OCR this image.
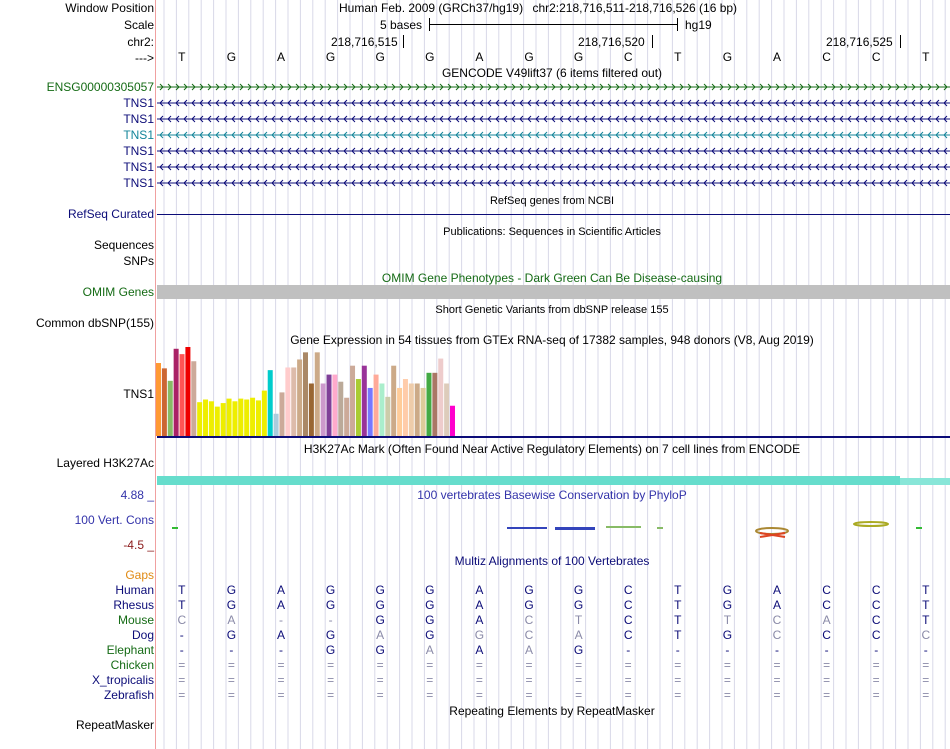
Window Position
Scale
chr2:
--->
Human Feb. 2009 (GRCh37/hg19) chr2:218,716,511-218,716,526 (16 bp)
5 bases	hg19
218,716,515	218,716,520	218,716,525
T	G	A	G	G	G	A	G	G	C	T	G	A	C	C	T
GENCODE V49lift37 (6 items filtered out)
ENSG00000305057
TNS1
TNS1
TNS1
TNS1
TNS1
TNS1
RefSeq genes from NCBI
RefSeq Curated
Publications: Sequences in Scientific Articles
Sequences
SNPs
OMIM Gene Phenotypes - Dark Green Can Be Disease-causing
OMIM Genes
Short Genetic Variants from dbSNP release 155
Common dbSNP(155)
Gene Expression in 54 tissues from GTEx RNA-seq of 17382 samples, 948 donors (V8, Aug 2019)
TNS1
H3K27Ac Mark (Often Found Near Active Regulatory Elements) on 7 cell lines from ENCODE
Layered H3K27Ac
100 vertebrates Basewise Conservation by PhyloP
4.88 _
100 Vert. Cons
-4.5 _
Multiz Alignments of 100 Vertebrates
Gaps
Human	T	G	A	G	G	G	A	G	G	C	T	G	A	C	C	T
Rhesus	T	G	A	G	G	G	A	G	G	C	T	G	A	C	C	T
Mouse	C	A	-	-	G	G	A	C	T	C	T	T	C	A	C	T
Dog	-	G	A	G	A	G	G	C	A	C	T	G	C	C	C	C
Elephant	-	-	-	G	G	A	A	A	G	-	-	-	-	-	-	-
Chicken	=	=	=	=	=	=	=	=	=	=	=	=	=	=	=	=
X_tropicalis	=	=	=	=	=	=	=	=	=	=	=	=	=	=	=	=
Zebrafish	=	=	=	=	=	=	=	=	=	=	=	=	=	=	=	=
Repeating Elements by RepeatMasker
RepeatMasker
